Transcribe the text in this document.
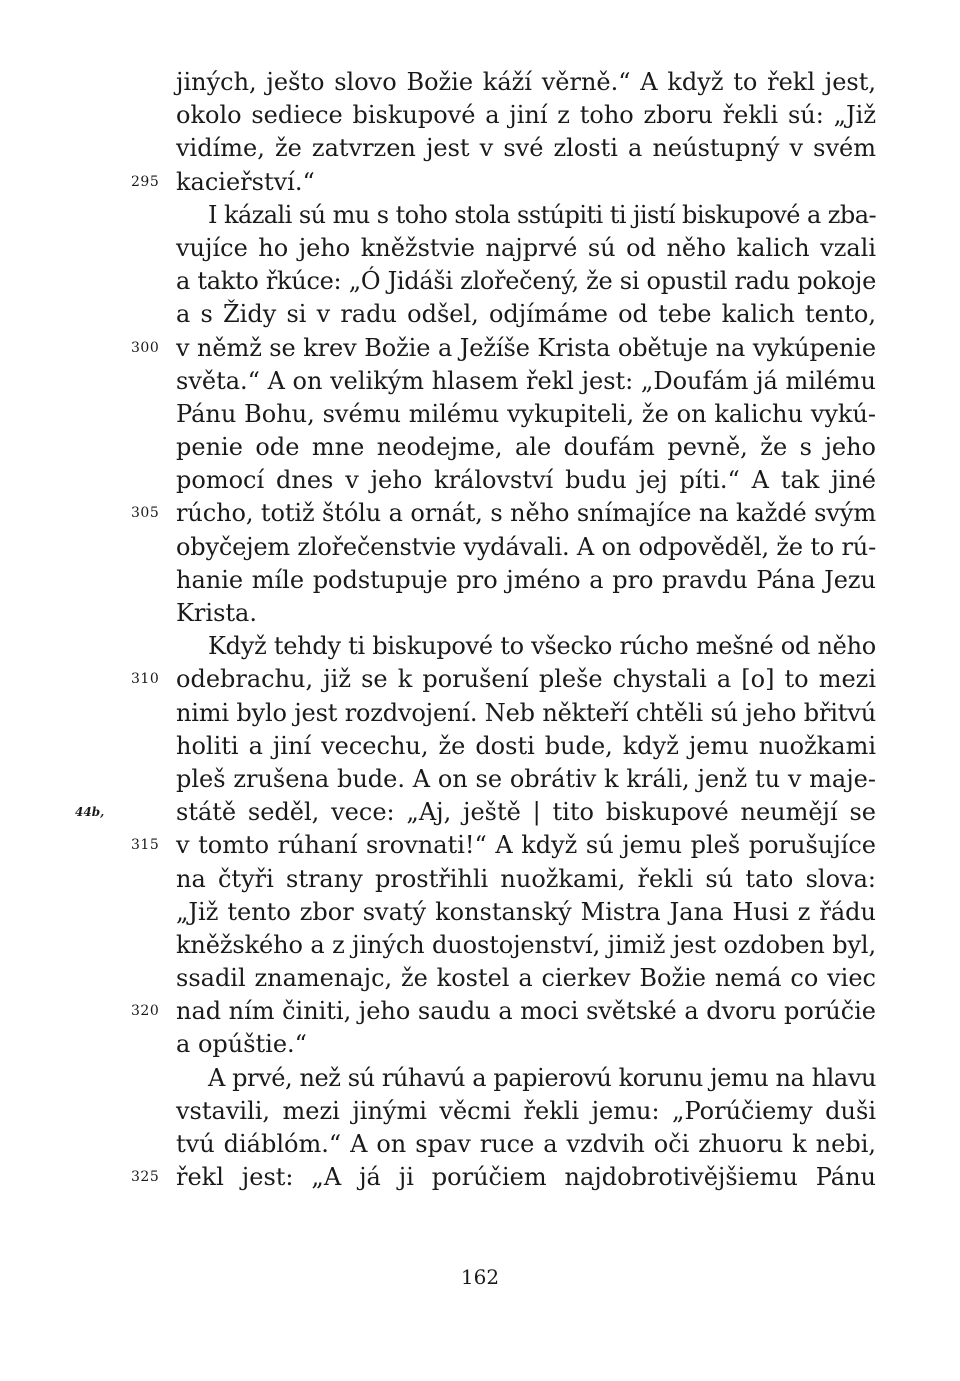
jiných, ješto slovo Božie káží věrně.“ A když to řekl jest,
okolo sediece biskupové a jiní z toho zboru řekli sú: „Již
vidíme, že zatvrzen jest v své zlosti a neústupný v svém
295 kacieřství.“
I kázali sú mu s toho stola sstúpiti ti jistí biskupové a zba-
vujíce ho jeho kněžstvie najprvé sú od něho kalich vzali
a takto řkúce: „Ó Jidáši zlořečený, že si opustil radu pokoje
a s Židy si v radu odšel, odjímáme od tebe kalich tento,
300 v němž se krev Božie a Ježíše Krista obětuje na vykúpenie
světa.“ A on velikým hlasem řekl jest: „Doufám já milému
Pánu Bohu, svému milému vykupiteli, že on kalichu vykú-
penie ode mne neodejme, ale doufám pevně, že s jeho
pomocí dnes v jeho království budu jej píti.“ A tak jiné
305 rúcho, totiž štólu a ornát, s něho snímajíce na každé svým
obyčejem zlořečenstvie vydávali. A on odpověděl, že to rú-
hanie míle podstupuje pro jméno a pro pravdu Pána Jezu
Krista.
Když tehdy ti biskupové to všecko rúcho mešné od něho
310 odebrachu, již se k porušení pleše chystali a [o] to mezi
nimi bylo jest rozdvojení. Neb někteří chtěli sú jeho břitvú
holiti a jiní vecechu, že dosti bude, když jemu nuožkami
pleš zrušena bude. A on se obrátiv k králi, jenž tu v maje-
44b,	státě seděl, vece: „Aj, ještě | tito biskupové neumějí se
315 v tomto rúhaní srovnati!“ A když sú jemu pleš porušujíce
na čtyři strany prostřihli nuožkami, řekli sú tato slova:
„Již tento zbor svatý konstanský Mistra Jana Husi z řádu
kněžského a z jiných duostojenství, jimiž jest ozdoben byl,
ssadil znamenajc, že kostel a cierkev Božie nemá co viec
320 nad ním činiti, jeho saudu a moci světské a dvoru porúčie
a opúštie.“
A prvé, než sú rúhavú a papierovú korunu jemu na hlavu
vstavili, mezi jinými věcmi řekli jemu: „Porúčiemy duši
tvú diáblóm.“ A on spav ruce a vzdvih oči zhuoru k nebi,
325 řekl jest: „A já ji porúčiem najdobrotivějšiemu Pánu
162
